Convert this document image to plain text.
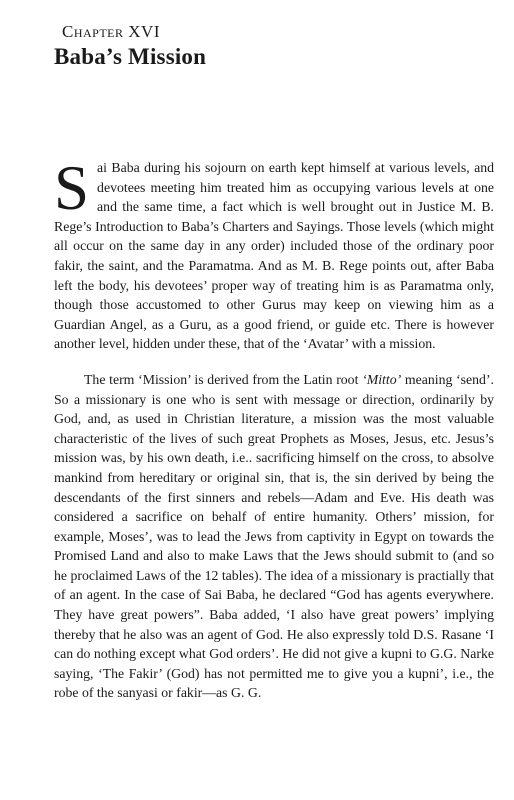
Chapter XVI
Baba’s Mission

Sai Baba during his sojourn on earth kept himself at various levels, and devotees meeting him treated him as occupying various levels at one and the same time, a fact which is well brought out in Justice M. B. Rege’s Introduction to Baba’s Charters and Sayings. Those levels (which might all occur on the same day in any order) included those of the ordinary poor fakir, the saint, and the Paramatma. And as M. B. Rege points out, after Baba left the body, his devotees’ proper way of treating him is as Paramatma only, though those accustomed to other Gurus may keep on viewing him as a Guardian Angel, as a Guru, as a good friend, or guide etc. There is however another level, hidden under these, that of the ‘Avatar’ with a mission.

The term ‘Mission’ is derived from the Latin root ‘Mitto’ meaning ‘send’. So a missionary is one who is sent with message or direction, ordinarily by God, and, as used in Christian literature, a mission was the most valuable characteristic of the lives of such great Prophets as Moses, Jesus, etc. Jesus’s mission was, by his own death, i.e.. sacrificing himself on the cross, to absolve mankind from hereditary or original sin, that is, the sin derived by being the descendants of the first sinners and rebels—Adam and Eve. His death was considered a sacrifice on behalf of entire humanity. Others’ mission, for example, Moses’, was to lead the Jews from captivity in Egypt on towards the Promised Land and also to make Laws that the Jews should submit to (and so he proclaimed Laws of the 12 tables). The idea of a missionary is practially that of an agent. In the case of Sai Baba, he declared “God has agents everywhere. They have great powers”. Baba added, ‘I also have great powers’ implying thereby that he also was an agent of God. He also expressly told D.S. Rasane ‘I can do nothing except what God orders’. He did not give a kupni to G.G. Narke saying, ‘The Fakir’ (God) has not permitted me to give you a kupni’, i.e., the robe of the sanyasi or fakir—as G. G.
